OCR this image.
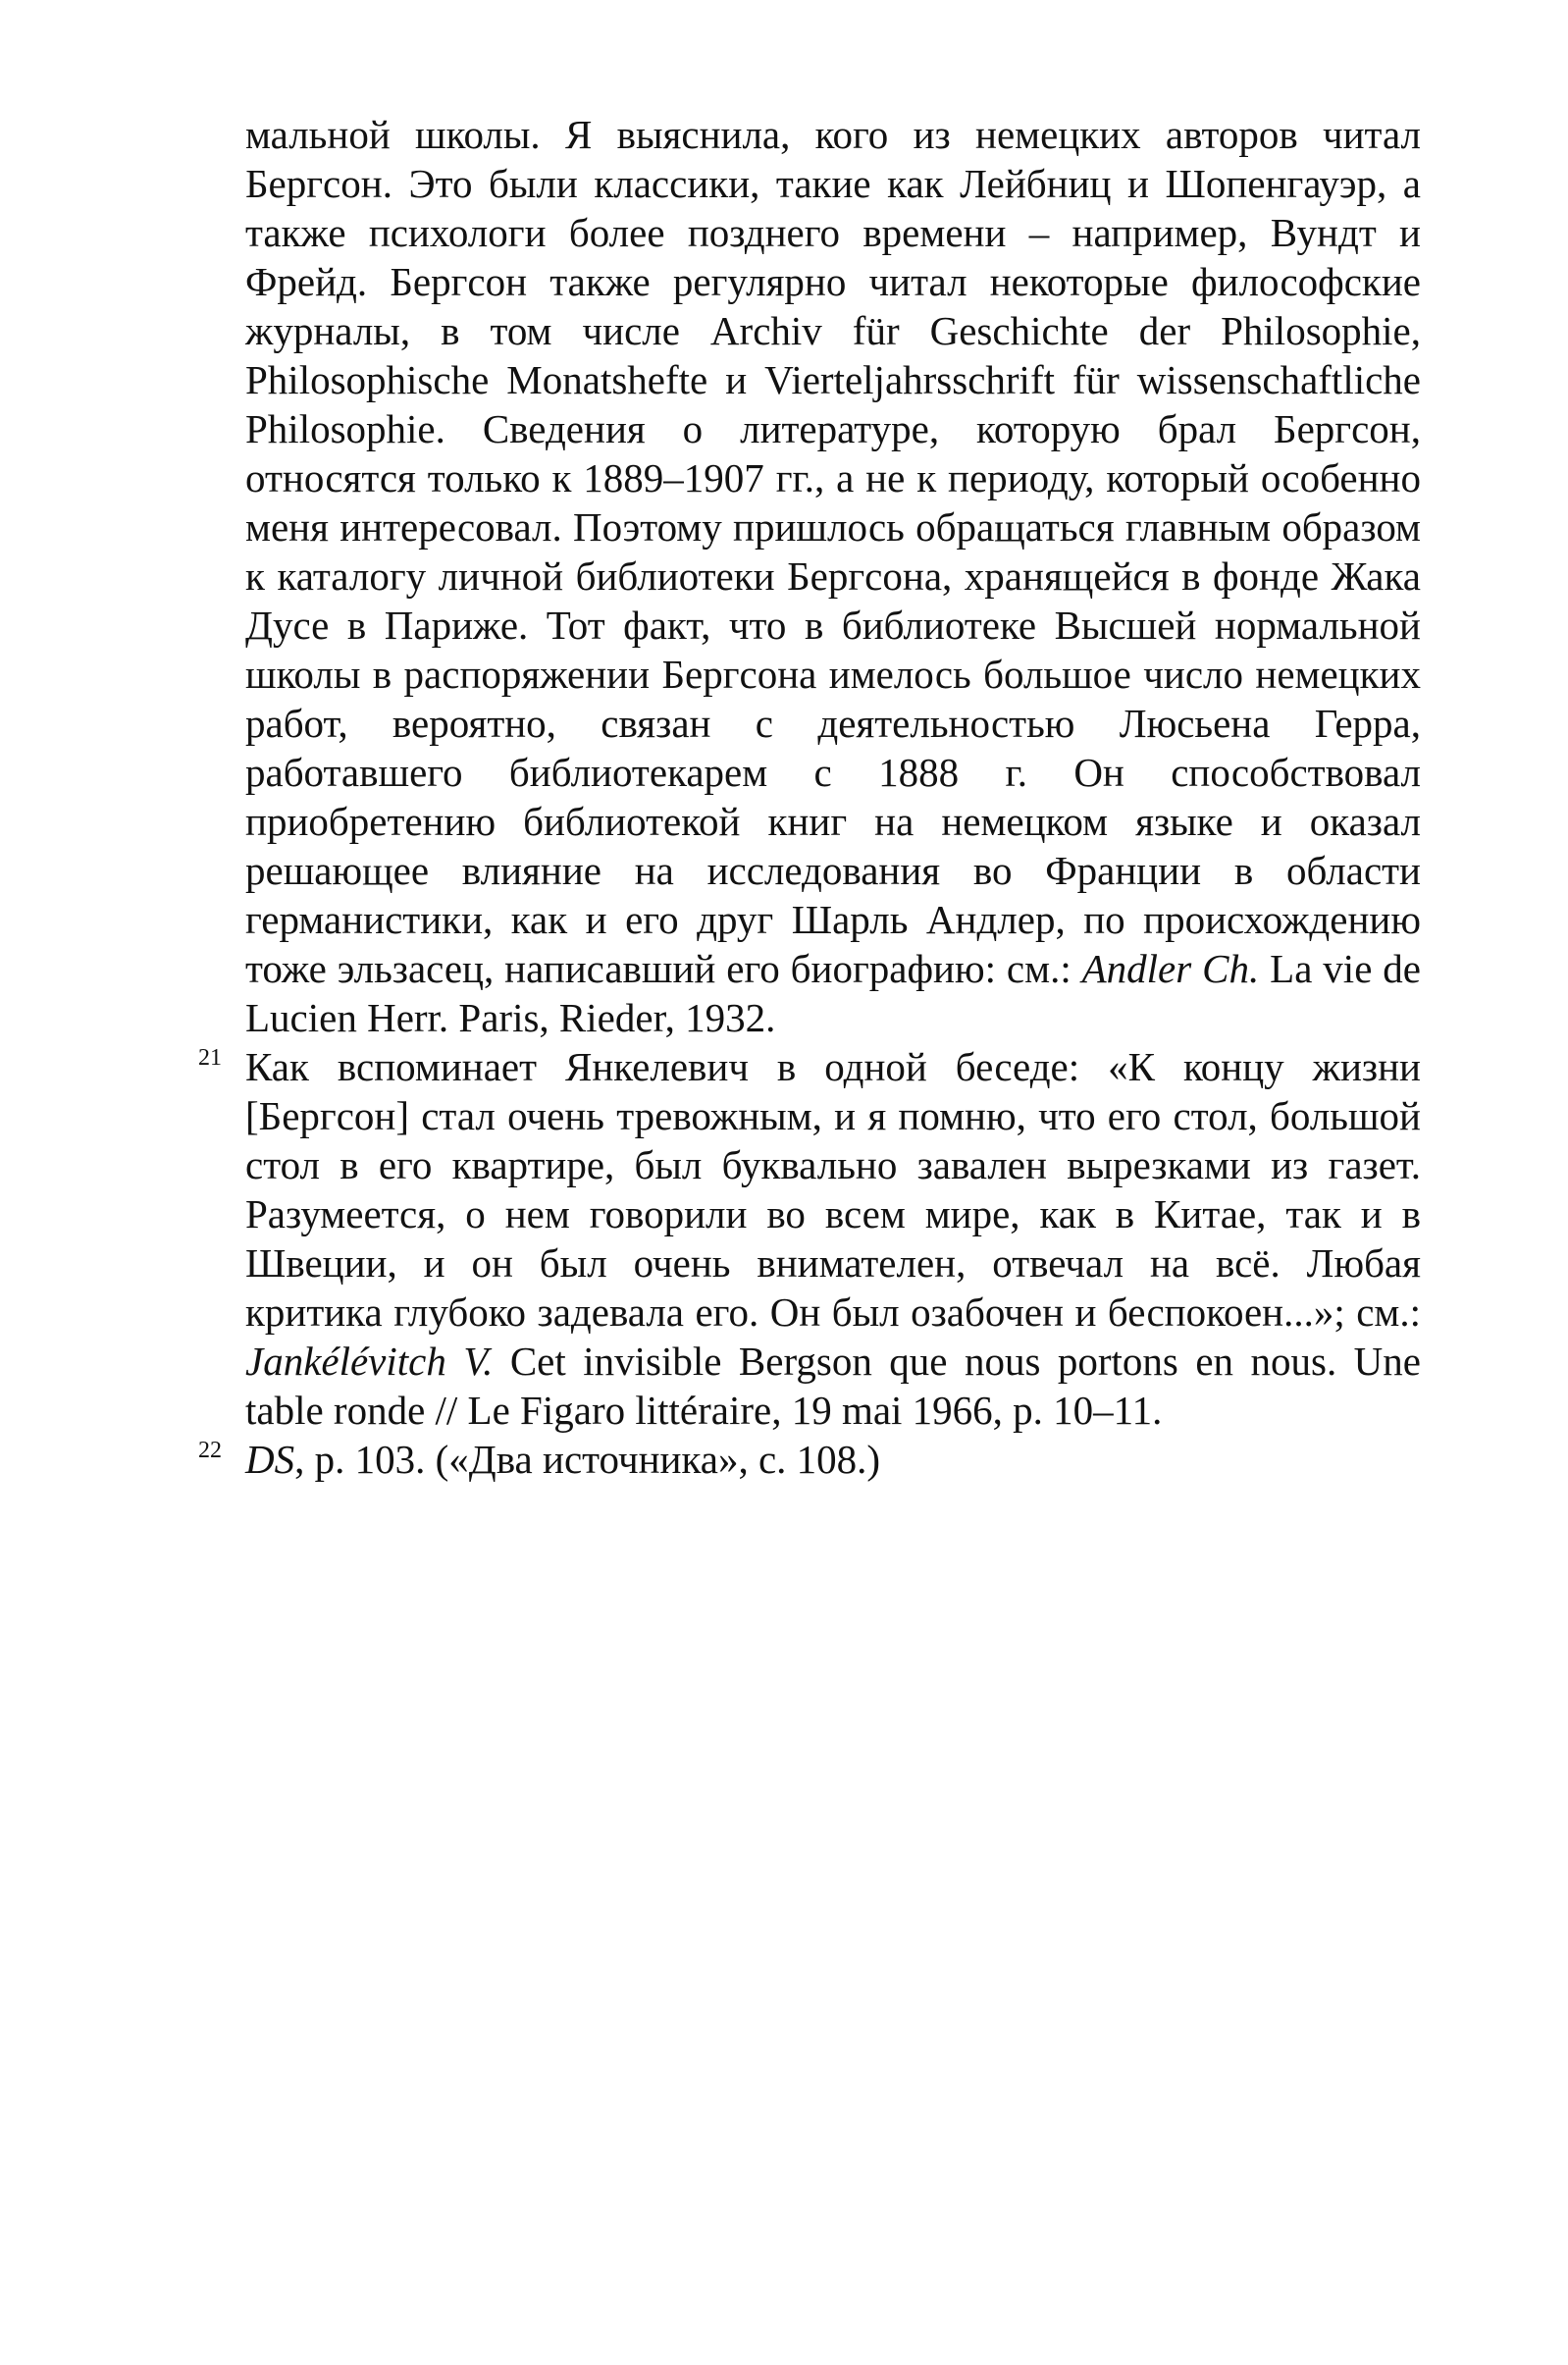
мальной школы. Я выяснила, кого из немецких авторов читал Бергсон. Это были классики, такие как Лейбниц и Шопенгауэр, а также психологи более позднего времени – например, Вундт и Фрейд. Бергсон также регулярно читал некоторые философские журналы, в том числе Archiv für Geschichte der Philosophie, Philosophische Monatshefte и Vierteljahrsschrift für wissenschaftliche Philosophie. Сведения о литературе, которую брал Бергсон, относятся только к 1889–1907 гг., а не к периоду, который особенно меня интересовал. Поэтому пришлось обращаться главным образом к каталогу личной библиотеки Бергсона, хранящейся в фонде Жака Дусе в Париже. Тот факт, что в библиотеке Высшей нормальной школы в распоряжении Бергсона имелось большое число немецких работ, вероятно, связан с деятельностью Люсьена Герра, работавшего библиотекарем с 1888 г. Он способствовал приобретению библиотекой книг на немецком языке и оказал решающее влияние на исследования во Франции в области германистики, как и его друг Шарль Андлер, по происхождению тоже эльзасец, написавший его биографию: см.: Andler Ch. La vie de Lucien Herr. Paris, Rieder, 1932.

21 Как вспоминает Янкелевич в одной беседе: «К концу жизни [Бергсон] стал очень тревожным, и я помню, что его стол, большой стол в его квартире, был буквально завален вырезками из газет. Разумеется, о нем говорили во всем мире, как в Китае, так и в Швеции, и он был очень внимателен, отвечал на всё. Любая критика глубоко задевала его. Он был озабочен и беспокоен...»; см.: Jankélévitch V. Cet invisible Bergson que nous portons en nous. Une table ronde // Le Figaro littéraire, 19 mai 1966, p. 10–11.

22 DS, p. 103. («Два источника», с. 108.)
